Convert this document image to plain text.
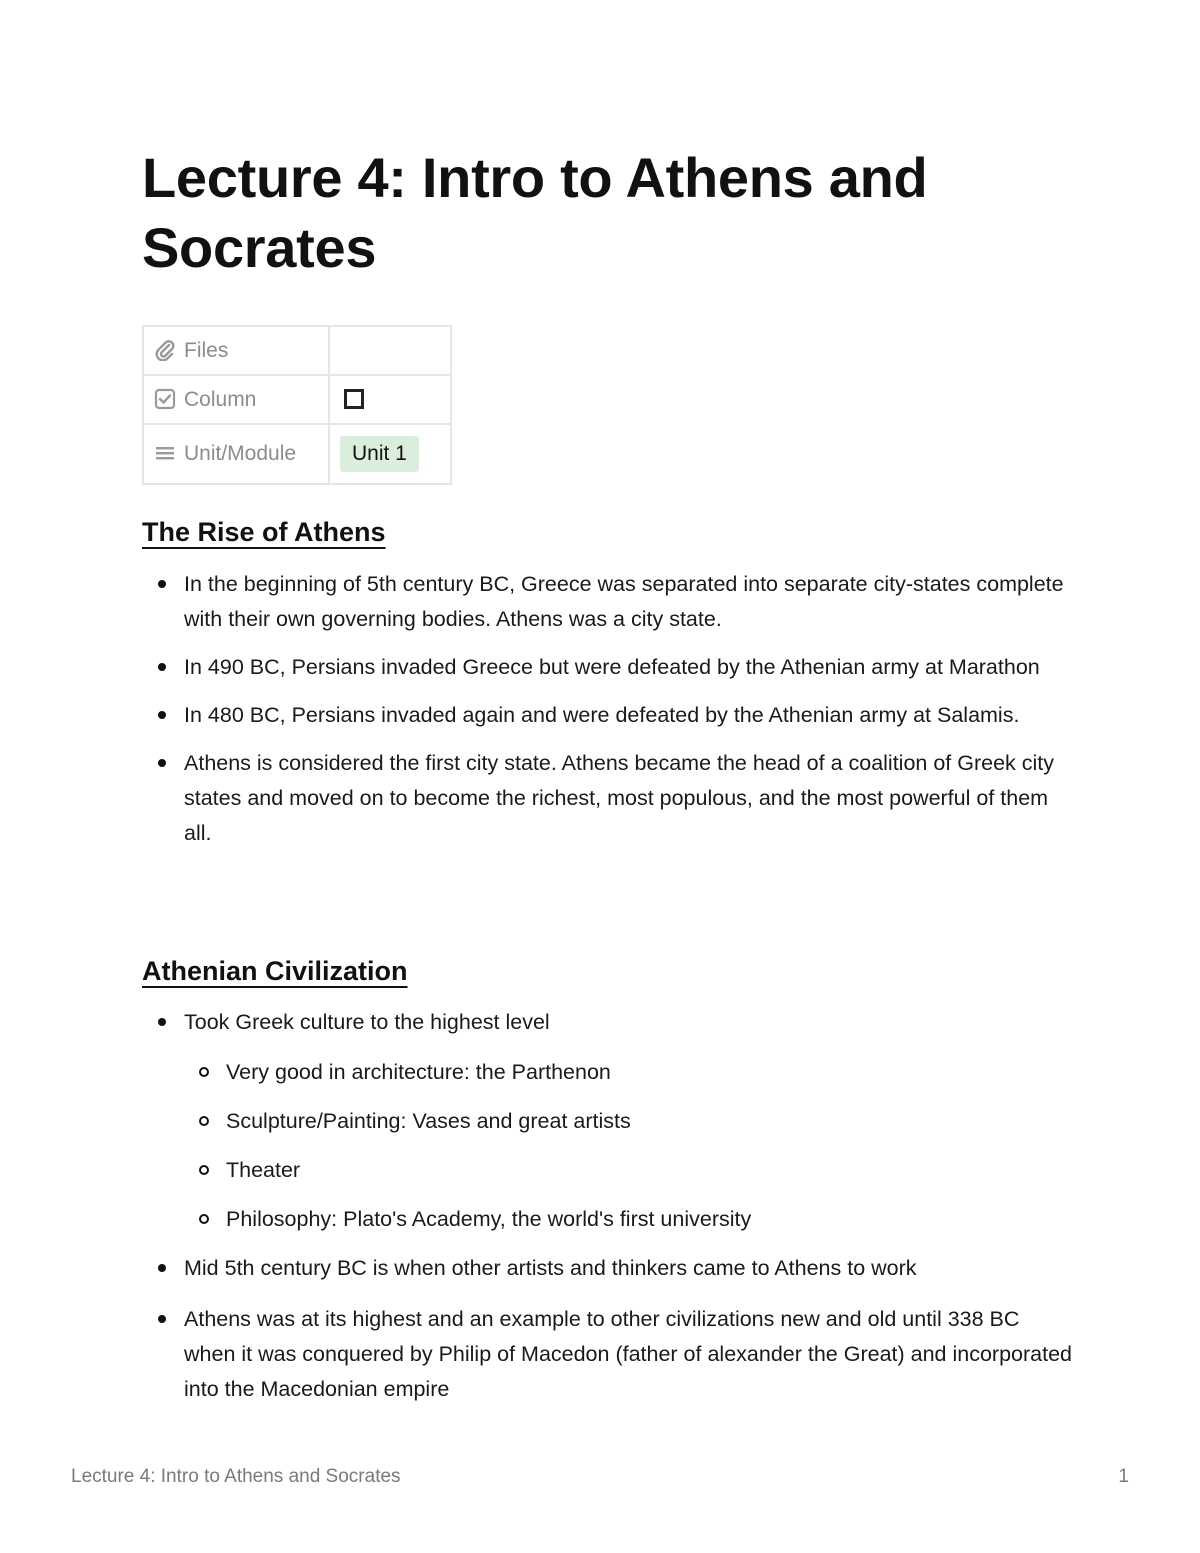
Lecture 4: Intro to Athens and Socrates
Files	
Column	
Unit/Module	Unit 1
The Rise of Athens
In the beginning of 5th century BC, Greece was separated into separate city-states complete with their own governing bodies. Athens was a city state.
In 490 BC, Persians invaded Greece but were defeated by the Athenian army at Marathon
In 480 BC, Persians invaded again and were defeated by the Athenian army at Salamis.
Athens is considered the first city state. Athens became the head of a coalition of Greek city states and moved on to become the richest, most populous, and the most powerful of them all.
Athenian Civilization
Took Greek culture to the highest level
Very good in architecture: the Parthenon
Sculpture/Painting: Vases and great artists
Theater
Philosophy: Plato's Academy, the world's first university
Mid 5th century BC is when other artists and thinkers came to Athens to work
Athens was at its highest and an example to other civilizations new and old until 338 BC when it was conquered by Philip of Macedon (father of alexander the Great) and incorporated into the Macedonian empire
Lecture 4: Intro to Athens and Socrates	1
